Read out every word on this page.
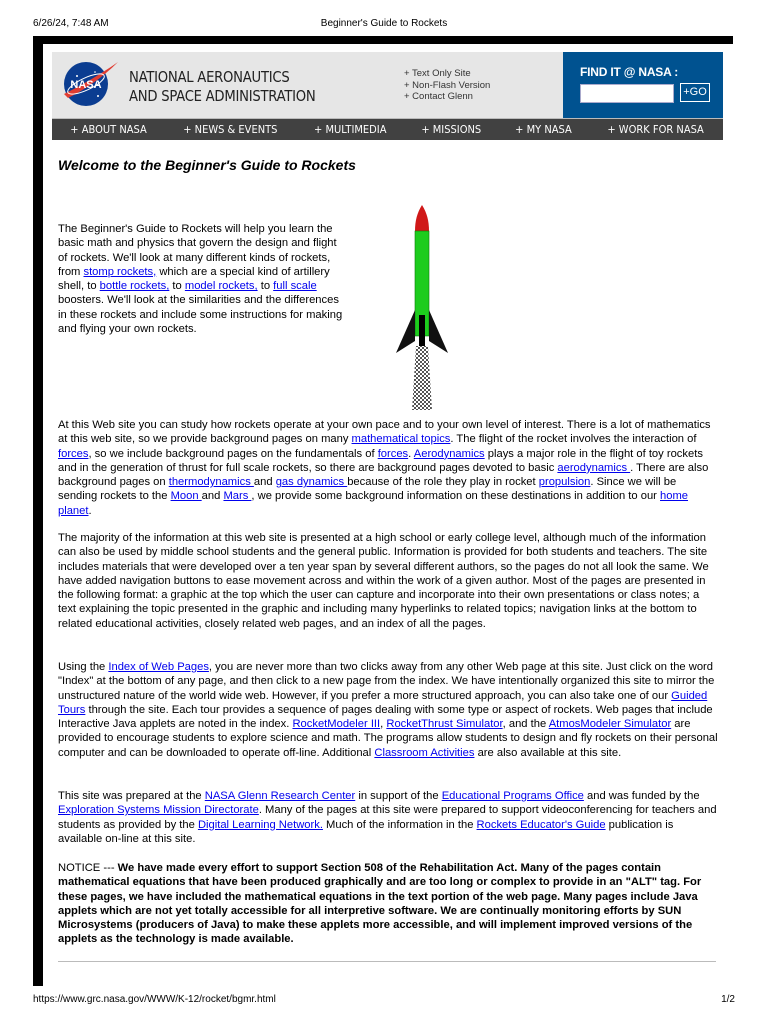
6/26/24, 7:48 AM	Beginner's Guide to Rockets
NASA NATIONAL AERONAUTICS
AND SPACE ADMINISTRATION
+ Text Only Site
+ Non-Flash Version
+ Contact Glenn
FIND IT @ NASA :
+GO
+ ABOUT NASA	+ NEWS & EVENTS	+ MULTIMEDIA	+ MISSIONS	+ MY NASA	+ WORK FOR NASA
Welcome to the Beginner's Guide to Rockets
The Beginner's Guide to Rockets will help you learn the basic math and physics that govern the design and flight of rockets. We'll look at many different kinds of rockets, from stomp rockets, which are a special kind of artillery shell, to bottle rockets, to model rockets, to full scale boosters. We'll look at the similarities and the differences in these rockets and include some instructions for making and flying your own rockets.
At this Web site you can study how rockets operate at your own pace and to your own level of interest. There is a lot of mathematics at this web site, so we provide background pages on many mathematical topics. The flight of the rocket involves the interaction of forces, so we include background pages on the fundamentals of forces. Aerodynamics plays a major role in the flight of toy rockets and in the generation of thrust for full scale rockets, so there are background pages devoted to basic aerodynamics . There are also background pages on thermodynamics and gas dynamics because of the role they play in rocket propulsion. Since we will be sending rockets to the Moon and Mars , we provide some background information on these destinations in addition to our home planet.
The majority of the information at this web site is presented at a high school or early college level, although much of the information can also be used by middle school students and the general public. Information is provided for both students and teachers. The site includes materials that were developed over a ten year span by several different authors, so the pages do not all look the same. We have added navigation buttons to ease movement across and within the work of a given author. Most of the pages are presented in the following format: a graphic at the top which the user can capture and incorporate into their own presentations or class notes; a text explaining the topic presented in the graphic and including many hyperlinks to related topics; navigation links at the bottom to related educational activities, closely related web pages, and an index of all the pages.
Using the Index of Web Pages, you are never more than two clicks away from any other Web page at this site. Just click on the word "Index" at the bottom of any page, and then click to a new page from the index. We have intentionally organized this site to mirror the unstructured nature of the world wide web. However, if you prefer a more structured approach, you can also take one of our Guided Tours through the site. Each tour provides a sequence of pages dealing with some type or aspect of rockets. Web pages that include Interactive Java applets are noted in the index. RocketModeler III, RocketThrust Simulator, and the AtmosModeler Simulator are provided to encourage students to explore science and math. The programs allow students to design and fly rockets on their personal computer and can be downloaded to operate off-line. Additional Classroom Activities are also available at this site.
This site was prepared at the NASA Glenn Research Center in support of the Educational Programs Office and was funded by the Exploration Systems Mission Directorate. Many of the pages at this site were prepared to support videoconferencing for teachers and students as provided by the Digital Learning Network. Much of the information in the Rockets Educator's Guide publication is available on-line at this site.
NOTICE --- We have made every effort to support Section 508 of the Rehabilitation Act. Many of the pages contain mathematical equations that have been produced graphically and are too long or complex to provide in an "ALT" tag. For these pages, we have included the mathematical equations in the text portion of the web page. Many pages include Java applets which are not yet totally accessible for all interpretive software. We are continually monitoring efforts by SUN Microsystems (producers of Java) to make these applets more accessible, and will implement improved versions of the applets as the technology is made available.
https://www.grc.nasa.gov/WWW/K-12/rocket/bgmr.html	1/2
